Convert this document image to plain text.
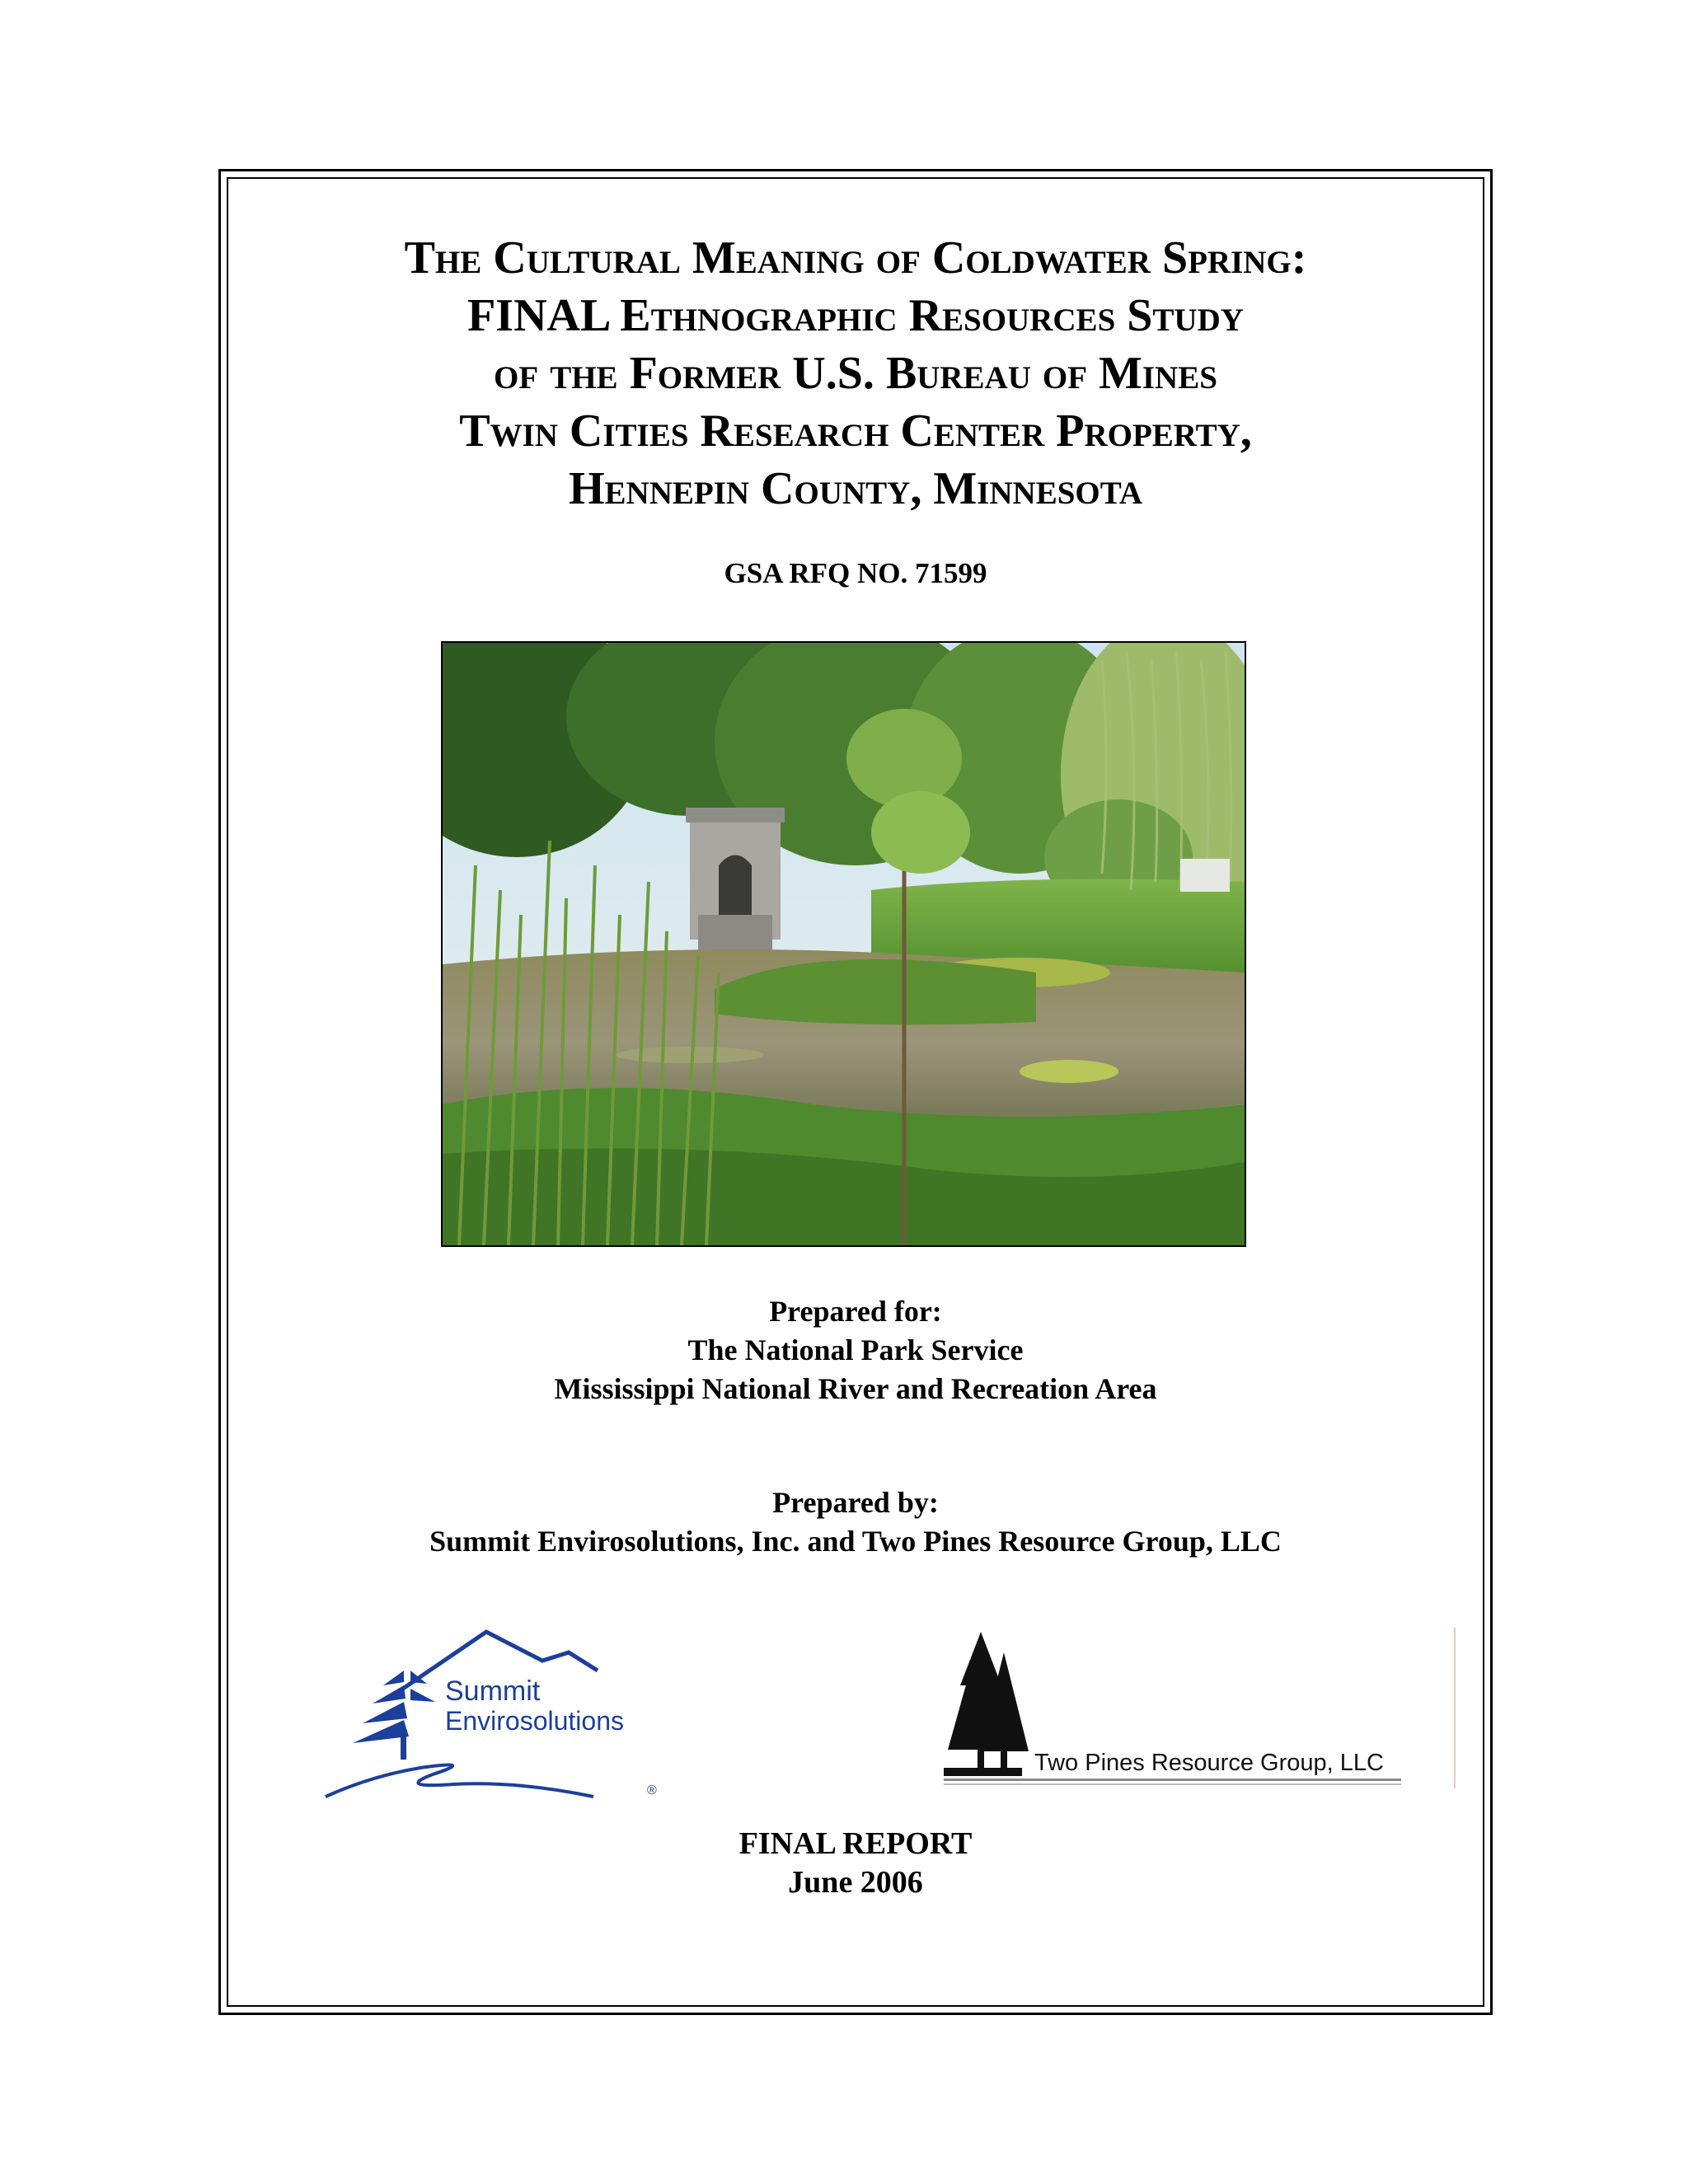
The Cultural Meaning of Coldwater Spring:
FINAL Ethnographic Resources Study
of the Former U.S. Bureau of Mines
Twin Cities Research Center Property,
Hennepin County, Minnesota
GSA RFQ NO. 71599
Prepared for:
The National Park Service
Mississippi National River and Recreation Area
Prepared by:
Summit Envirosolutions, Inc. and Two Pines Resource Group, LLC
Summit
Envirosolutions
®
Two Pines Resource Group, LLC
FINAL REPORT
June 2006
